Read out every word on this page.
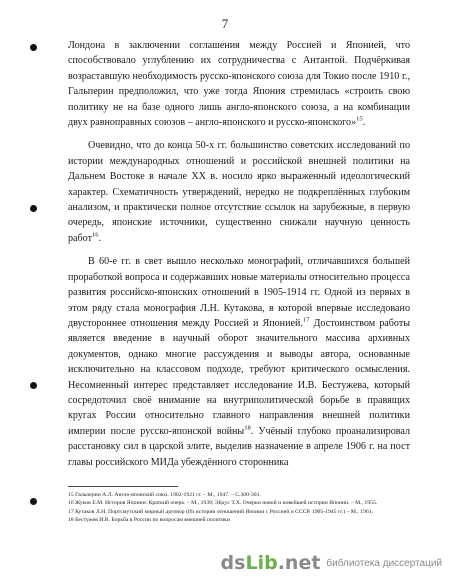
7

Лондона в заключении соглашения между Россией и Японией, что способствовало углублению их сотрудничества с Антантой. Подчёркивая возраставшую необходимость русско-японского союза для Токио после 1910 г., Гальперин предположил, что уже тогда Япония стремилась «строить свою политику не на базе одного лишь англо-японского союза, а на комбинации двух равноправных союзов – англо-японского и русско-японского»$^{15}$.

Очевидно, что до конца 50-х гг. большинство советских исследований по истории международных отношений и российской внешней политики на Дальнем Востоке в начале XX в. носило ярко выраженный идеологический характер. Схематичность утверждений, нередко не подкреплённых глубоким анализом, и практически полное отсутствие ссылок на зарубежные, в первую очередь, японские источники, существенно снижали научную ценность работ$^{16}$.

В 60-е гг. в свет вышло несколько монографий, отличавшихся большей проработкой вопроса и содержавших новые материалы относительно процесса развития российско-японских отношений в 1905-1914 гг. Одной из первых в этом ряду стала монография Л.Н. Кутакова, в которой впервые исследовано двустороннее отношения между Россией и Японией.$^{17}$ Достоинством работы является введение в научный оборот значительного массива архивных документов, однако многие рассуждения и выводы автора, основанные исключительно на классовом подходе, требуют критического осмысления. Несомненный интерес представляет исследование И.В. Бестужева, который сосредоточил своё внимание на внутриполитической борьбе в правящих кругах России относительно главного направления внешней политики империи после русско-японской войны$^{18}$. Учёный глубоко проанализировал расстановку сил в царской элите, выделив назначение в апреле 1906 г. на пост главы российского МИДа убеждённого сторонника

15 Гальперин А.Л. Англо-японский союз. 1902-1921 гг. – М., 1947. – С.300-301.

16 Жуков Е.М. История Японии: Краткий очерк. – М., 1939; Эйдус Т.Х. Очерки новой и новейшей истории Японии. – М., 1955.

17 Кутаков Л.Н. Портсмутский мирный договор (Из истории отношений Японии с Россией и СССР. 1905-1945 гг.) – М., 1961.

18 Бестужев И.В. Борьба в России по вопросам внешней политики

dsLib.net библиотека диссертаций
